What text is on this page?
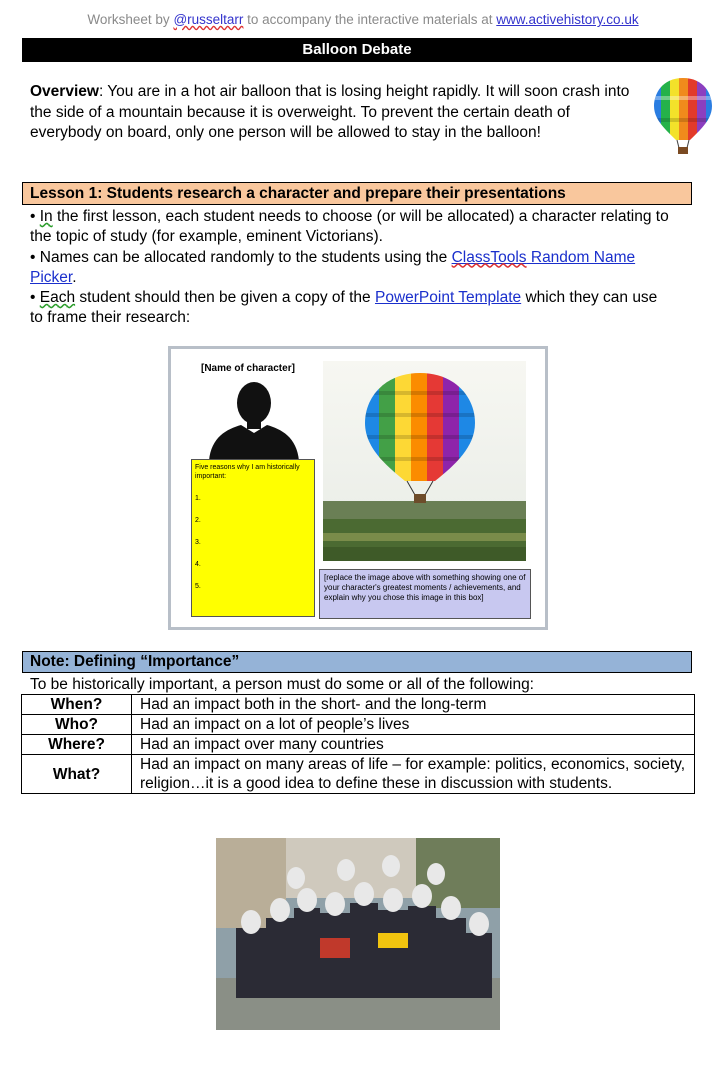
Worksheet by @russeltarr to accompany the interactive materials at www.activehistory.co.uk
Balloon Debate
Overview: You are in a hot air balloon that is losing height rapidly. It will soon crash into the side of a mountain because it is overweight. To prevent the certain death of everybody on board, only one person will be allowed to stay in the balloon!
Lesson 1: Students research a character and prepare their presentations
• In the first lesson, each student needs to choose (or will be allocated) a character relating to the topic of study (for example, eminent Victorians).
• Names can be allocated randomly to the students using the ClassTools Random Name Picker.
• Each student should then be given a copy of the PowerPoint Template which they can use to frame their research:
[Name of character]
Five reasons why I am historically important:
1.
2.
3.
4.
5.
[replace the image above with something showing one of your character's greatest moments / achievements, and explain why you chose this image in this box]
Note: Defining “Importance”
To be historically important, a person must do some or all of the following:
When?	Had an impact both in the short- and the long-term
Who?	Had an impact on a lot of people’s lives
Where?	Had an impact over many countries
What?	Had an impact on many areas of life – for example: politics, economics, society, religion…it is a good idea to define these in discussion with students.
